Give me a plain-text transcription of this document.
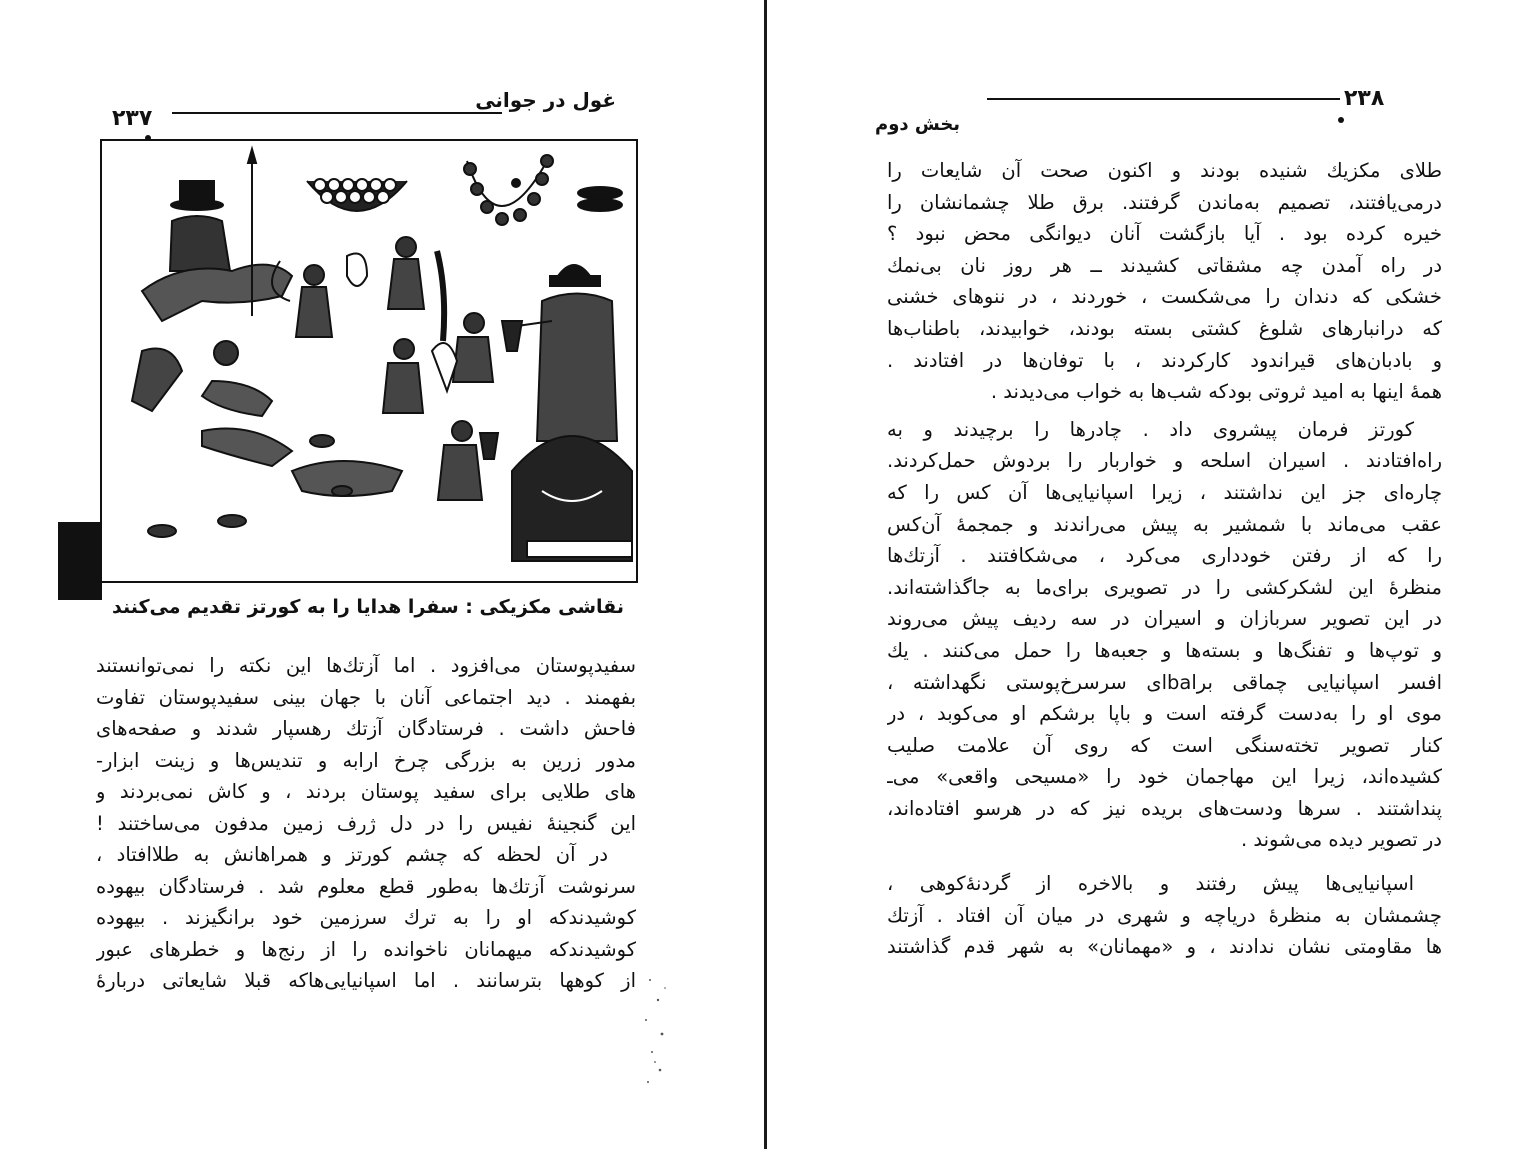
غول در جوانی
۲۳۷
نقاشی مکزیکی : سفرا هدایا را به کورتز تقدیم می‌کنند
سفیدپوستان می‌افزود . اما آزتك‌ها این نکته را نمی‌توانستند
بفهمند . دید اجتماعی آنان با جهان بینی سفیدپوستان تفاوت
فاحش داشت . فرستادگان آزتك رهسپار شدند و صفحه‌های
مدور زرین به بزرگی چرخ ارابه و تندیس‌ها و زینت ابزار-
های طلایی برای سفید پوستان بردند ، و کاش نمی‌بردند و
این گنجینهٔ نفیس را در دل ژرف زمین مدفون می‌ساختند !
در آن لحظه که چشم کورتز و همراهانش به طلاافتاد ،
سرنوشت آزتك‌ها به‌طور قطع معلوم شد . فرستادگان بیهوده
کوشیدندکه او را به ترك سرزمین خود برانگیزند . بیهوده
کوشیدندکه میهمانان ناخوانده را از رنج‌ها و خطرهای عبور
از کوهها بترسانند . اما اسپانیایی‌هاکه قبلا شایعاتی دربارهٔ
۲۳۸
بخش دوم
طلای مکزیك شنیده بودند و اکنون صحت آن شایعات را
درمی‌یافتند، تصمیم به‌ماندن گرفتند. برق طلا چشمانشان را
خیره کرده بود . آیا بازگشت آنان دیوانگی محض نبود ؟
در راه آمدن چه مشقاتی کشیدند ــ هر روز نان بی‌نمك
خشکی که دندان را می‌شکست ، خوردند ، در ننوهای خشنی
که درانبارهای شلوغ کشتی بسته بودند، خوابیدند، باطناب‌ها
و بادبان‌های قیراندود کارکردند ، با توفان‌ها در افتادند .
همهٔ اینها به امید ثروتی بودکه شب‌ها به خواب می‌دیدند .
کورتز فرمان پیشروی داد . چادرها را برچیدند و به
راه‌افتادند . اسیران اسلحه و خواربار را بردوش حمل‌کردند.
چاره‌ای جز این نداشتند ، زیرا اسپانیایی‌ها آن کس را که
عقب می‌ماند با شمشیر به پیش می‌راندند و جمجمهٔ آن‌کس
را که از رفتن خودداری می‌کرد ، می‌شکافتند . آزتك‌ها
منظرهٔ این لشکرکشی را در تصویری برای‌ما به جاگذاشته‌اند.
در این تصویر سربازان و اسیران در سه ردیف پیش می‌روند
و توپ‌ها و تفنگ‌ها و بسته‌ها و جعبه‌ها را حمل می‌کنند . یك
افسر اسپانیایی چماقی برbalای سرسرخ‌پوستی نگهداشته ،
موی او را به‌دست گرفته است و باپا برشکم او می‌کوبد ، در
کنار تصویر تخته‌سنگی است که روی آن علامت صلیب
کشیده‌اند، زیرا این مهاجمان خود را «مسیحی واقعی» می‌ـ
پنداشتند . سرها ودست‌های بریده نیز که در هرسو افتاده‌اند،
در تصویر دیده می‌شوند .
اسپانیایی‌ها پیش رفتند و بالاخره از گردنهٔ‌کوهی ،
چشمشان به منظرهٔ دریاچه و شهری در میان آن افتاد . آزتك
ها مقاومتی نشان ندادند ، و «مهمانان» به شهر قدم گذاشتند
